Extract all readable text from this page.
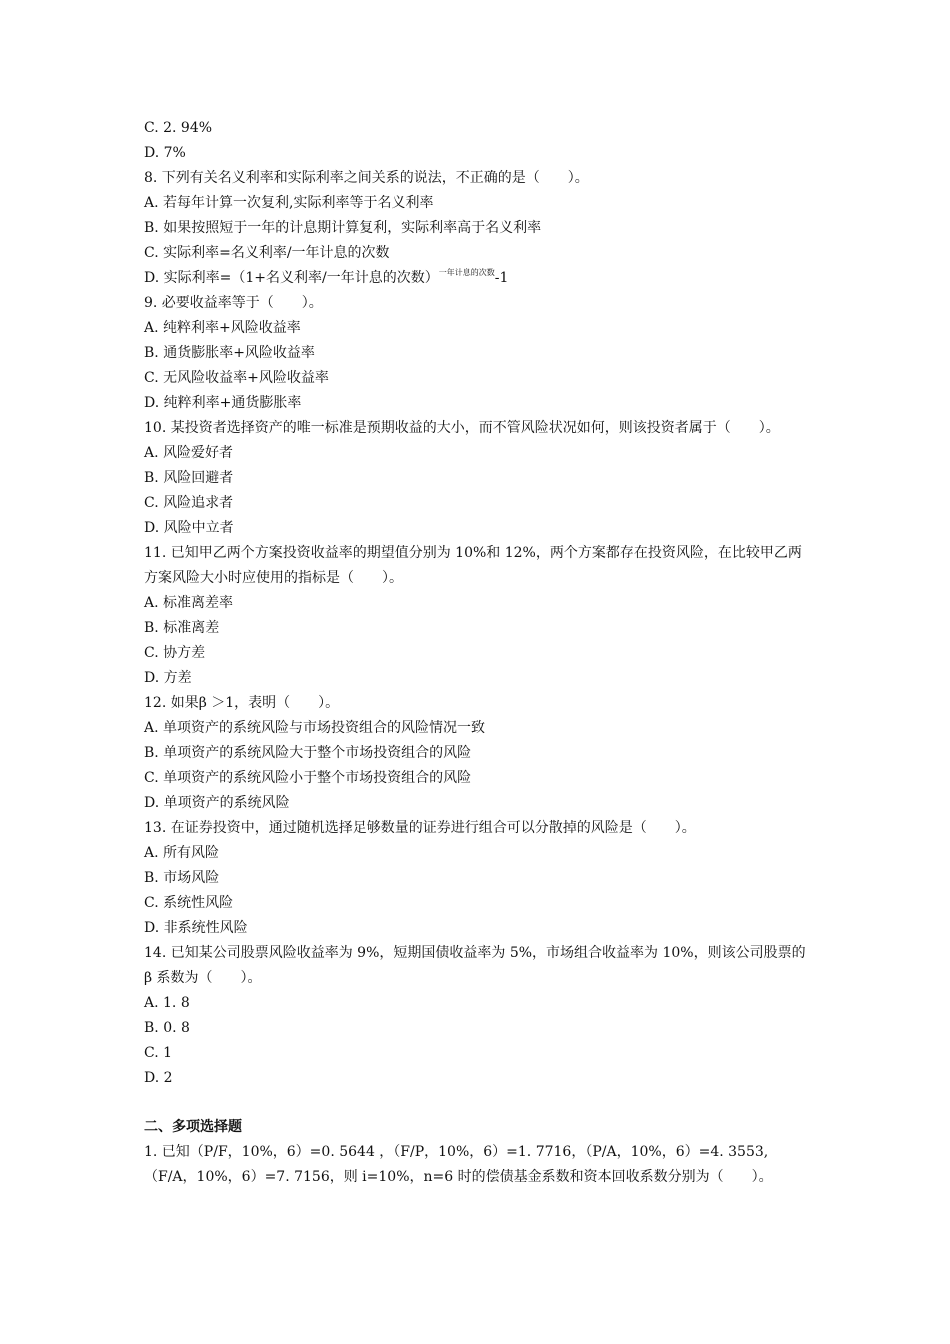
C. 2. 94%
D. 7%
8. 下列有关名义利率和实际利率之间关系的说法，不正确的是（　　）。
A. 若每年计算一次复利,实际利率等于名义利率
B. 如果按照短于一年的计息期计算复利，实际利率高于名义利率
C. 实际利率=名义利率/一年计息的次数
D. 实际利率=（1+名义利率/一年计息的次数）$^{一年计息的次数}$-1
9. 必要收益率等于（　　）。
A. 纯粹利率+风险收益率
B. 通货膨胀率+风险收益率
C. 无风险收益率+风险收益率
D. 纯粹利率+通货膨胀率
10. 某投资者选择资产的唯一标准是预期收益的大小，而不管风险状况如何，则该投资者属于（　　）。
A. 风险爱好者
B. 风险回避者
C. 风险追求者
D. 风险中立者
11. 已知甲乙两个方案投资收益率的期望值分别为 10%和 12%，两个方案都存在投资风险，在比较甲乙两方案风险大小时应使用的指标是（　　）。
A. 标准离差率
B. 标准离差
C. 协方差
D. 方差
12. 如果β ＞1，表明（　　）。
A. 单项资产的系统风险与市场投资组合的风险情况一致
B. 单项资产的系统风险大于整个市场投资组合的风险
C. 单项资产的系统风险小于整个市场投资组合的风险
D. 单项资产的系统风险
13. 在证券投资中，通过随机选择足够数量的证券进行组合可以分散掉的风险是（　　）。
A. 所有风险
B. 市场风险
C. 系统性风险
D. 非系统性风险
14. 已知某公司股票风险收益率为 9%，短期国债收益率为 5%，市场组合收益率为 10%，则该公司股票的β 系数为（　　）。
A. 1. 8
B. 0. 8
C. 1
D. 2
二、多项选择题
1. 已知（P/F，10%，6）=0. 5644 ，（F/P，10%，6）=1. 7716，（P/A，10%，6）=4. 3553,
（F/A，10%，6）=7. 7156，则 i=10%，n=6 时的偿债基金系数和资本回收系数分别为（　　）。
